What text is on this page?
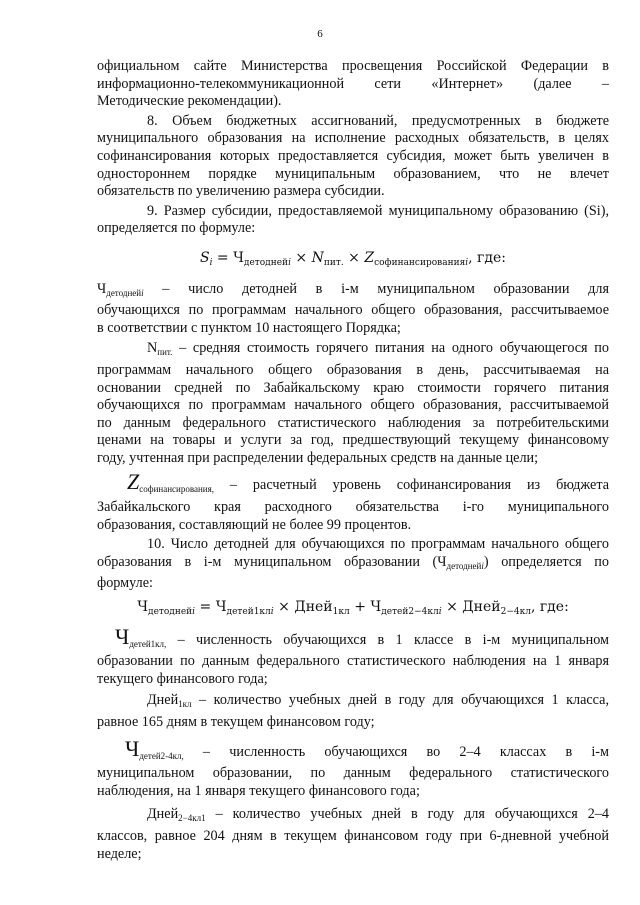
6

официальном сайте Министерства просвещения Российской Федерации в

информационно-телекоммуникационной сети «Интернет» (далее –

Методические рекомендации).

8. Объем бюджетных ассигнований, предусмотренных в бюджете

муниципального образования на исполнение расходных обязательств, в целях

софинансирования которых предоставляется субсидия, может быть увеличен в

одностороннем порядке муниципальным образованием, что не влечет

обязательств по увеличению размера субсидии.

9. Размер субсидии, предоставляемой муниципальному образованию (Si),

определяется по формуле:

$S_i = Ч_{детоднейi} \times N_{пит.} \times Z_{софинансированияi}$, где:

$Ч_{детоднейi}$ – число детодней в i-м муниципальном образовании для

обучающихся по программам начального общего образования, рассчитываемое

в соответствии с пунктом 10 настоящего Порядка;

$N_{пит.}$ – средняя стоимость горячего питания на одного обучающегося по

программам начального общего образования в день, рассчитываемая на

основании средней по Забайкальскому краю стоимости горячего питания

обучающихся по программам начального общего образования, рассчитываемой

по данным федерального статистического наблюдения за потребительскими

ценами на товары и услуги за год, предшествующий текущему финансовому

году, учтенная при распределении федеральных средств на данные цели;

$Z_{софинансирования,}$ – расчетный уровень софинансирования из бюджета

Забайкальского края расходного обязательства i-го муниципального

образования, составляющий не более 99 процентов.

10. Число детодней для обучающихся по программам начального общего

образования в i-м муниципальном образовании $(Ч_{детоднейi})$ определяется по

формуле:

$Ч_{детоднейi} = Ч_{детей1клi}$ × Дней$_{1кл}$ + $Ч_{детей2-4клi}$ × Дней$_{2-4кл}$, где:

$Ч_{детей1кл,}$ – численность обучающихся в 1 классе в i-м муниципальном

образовании по данным федерального статистического наблюдения на 1 января

текущего финансового года;

Дней$_{1кл}$ – количество учебных дней в году для обучающихся 1 класса,

равное 165 дням в текущем финансовом году;

$Ч_{детей2-4кл,}$ – численность обучающихся во 2–4 классах в i-м

муниципальном образовании, по данным федерального статистического

наблюдения, на 1 января текущего финансового года;

Дней$_{2-4кл1}$ – количество учебных дней в году для обучающихся 2–4

классов, равное 204 дням в текущем финансовом году при 6-дневной учебной

неделе;
